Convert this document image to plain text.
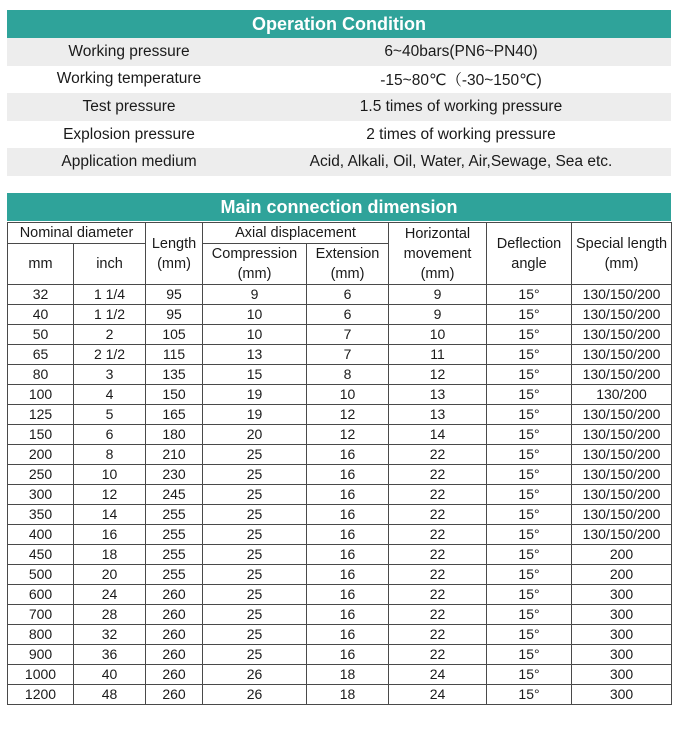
Operation Condition
Working pressure	6~40bars(PN6~PN40)
Working temperature	-15~80℃（-30~150℃)
Test pressure	1.5 times of working pressure
Explosion pressure	2 times of working pressure
Application medium	Acid, Alkali, Oil, Water, Air,Sewage, Sea etc.
Main connection dimension
Nominal diameter		Length (mm)	Axial displacement		Horizontal movement (mm)	Deflection angle	Special length (mm)
mm	inch		Compression (mm)	Extension (mm)			
32	1 1/4	95	9	6	9	15°	130/150/200
40	1 1/2	95	10	6	9	15°	130/150/200
50	2	105	10	7	10	15°	130/150/200
65	2 1/2	115	13	7	11	15°	130/150/200
80	3	135	15	8	12	15°	130/150/200
100	4	150	19	10	13	15°	130/200
125	5	165	19	12	13	15°	130/150/200
150	6	180	20	12	14	15°	130/150/200
200	8	210	25	16	22	15°	130/150/200
250	10	230	25	16	22	15°	130/150/200
300	12	245	25	16	22	15°	130/150/200
350	14	255	25	16	22	15°	130/150/200
400	16	255	25	16	22	15°	130/150/200
450	18	255	25	16	22	15°	200
500	20	255	25	16	22	15°	200
600	24	260	25	16	22	15°	300
700	28	260	25	16	22	15°	300
800	32	260	25	16	22	15°	300
900	36	260	25	16	22	15°	300
1000	40	260	26	18	24	15°	300
1200	48	260	26	18	24	15°	300
